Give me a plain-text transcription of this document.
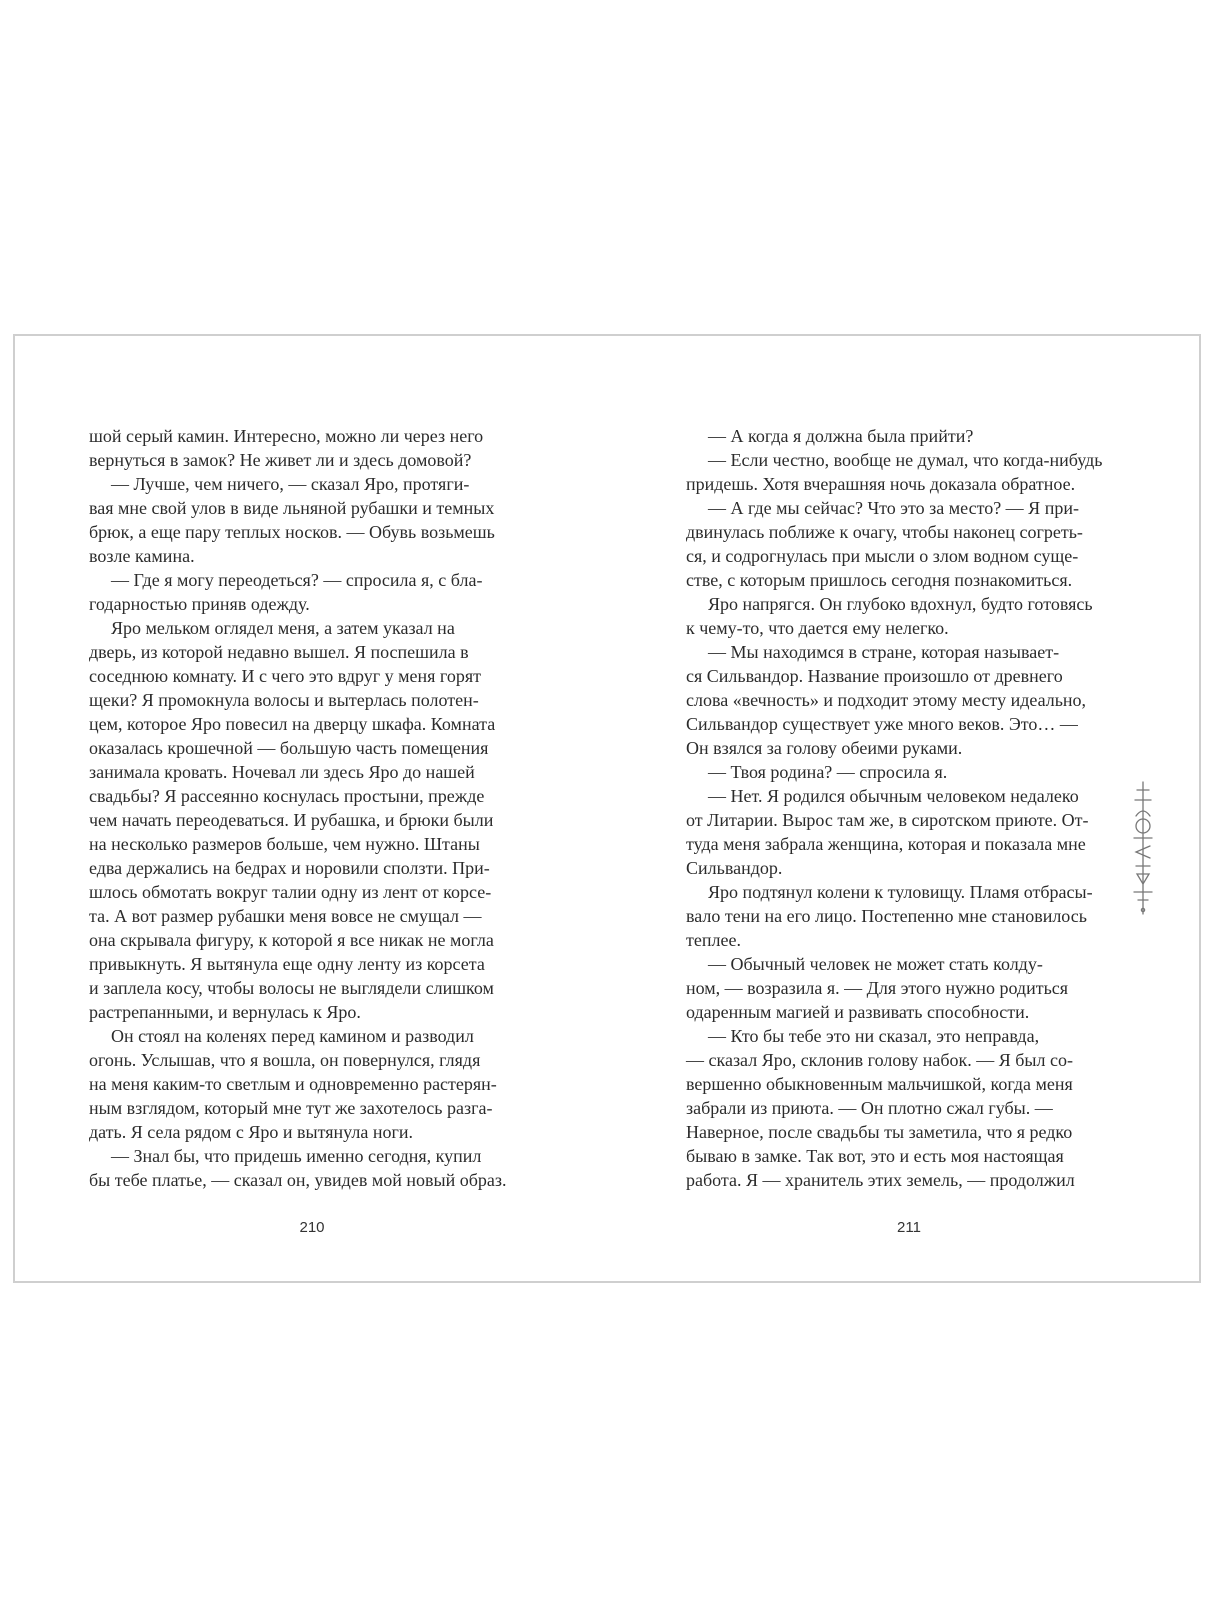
шой серый камин. Интересно, можно ли через него
вернуться в замок? Не живет ли и здесь домовой?

— Лучше, чем ничего, — сказал Яро, протяги-
вая мне свой улов в виде льняной рубашки и темных
брюк, а еще пару теплых носков. — Обувь возьмешь
возле камина.

— Где я могу переодеться? — спросила я, с бла-
годарностью приняв одежду.

Яро мельком оглядел меня, а затем указал на
дверь, из которой недавно вышел. Я поспешила в
соседнюю комнату. И с чего это вдруг у меня горят
щеки? Я промокнула волосы и вытерлась полотен-
цем, которое Яро повесил на дверцу шкафа. Комната
оказалась крошечной — большую часть помещения
занимала кровать. Ночевал ли здесь Яро до нашей
свадьбы? Я рассеянно коснулась простыни, прежде
чем начать переодеваться. И рубашка, и брюки были
на несколько размеров больше, чем нужно. Штаны
едва держались на бедрах и норовили сползти. При-
шлось обмотать вокруг талии одну из лент от корсе-
та. А вот размер рубашки меня вовсе не смущал —
она скрывала фигуру, к которой я все никак не могла
привыкнуть. Я вытянула еще одну ленту из корсета
и заплела косу, чтобы волосы не выглядели слишком
растрепанными, и вернулась к Яро.

Он стоял на коленях перед камином и разводил
огонь. Услышав, что я вошла, он повернулся, глядя
на меня каким-то светлым и одновременно растерян-
ным взглядом, который мне тут же захотелось разга-
дать. Я села рядом с Яро и вытянула ноги.

— Знал бы, что придешь именно сегодня, купил
бы тебе платье, — сказал он, увидев мой новый образ.

— А когда я должна была прийти?

— Если честно, вообще не думал, что когда-нибудь
придешь. Хотя вчерашняя ночь доказала обратное.

— А где мы сейчас? Что это за место? — Я при-
двинулась поближе к очагу, чтобы наконец согреть-
ся, и содрогнулась при мысли о злом водном суще-
стве, с которым пришлось сегодня познакомиться.

Яро напрягся. Он глубоко вдохнул, будто готовясь
к чему-то, что дается ему нелегко.

— Мы находимся в стране, которая называет-
ся Сильвандор. Название произошло от древнего
слова «вечность» и подходит этому месту идеально,
Сильвандор существует уже много веков. Это… —
Он взялся за голову обеими руками.

— Твоя родина? — спросила я.

— Нет. Я родился обычным человеком недалеко
от Литарии. Вырос там же, в сиротском приюте. От-
туда меня забрала женщина, которая и показала мне
Сильвандор.

Яро подтянул колени к туловищу. Пламя отбрасы-
вало тени на его лицо. Постепенно мне становилось
теплее.

— Обычный человек не может стать колду-
ном, — возразила я. — Для этого нужно родиться
одаренным магией и развивать способности.

— Кто бы тебе это ни сказал, это неправда,
— сказал Яро, склонив голову набок. — Я был со-
вершенно обыкновенным мальчишкой, когда меня
забрали из приюта. — Он плотно сжал губы. —
Наверное, после свадьбы ты заметила, что я редко
бываю в замке. Так вот, это и есть моя настоящая
работа. Я — хранитель этих земель, — продолжил

210	211
